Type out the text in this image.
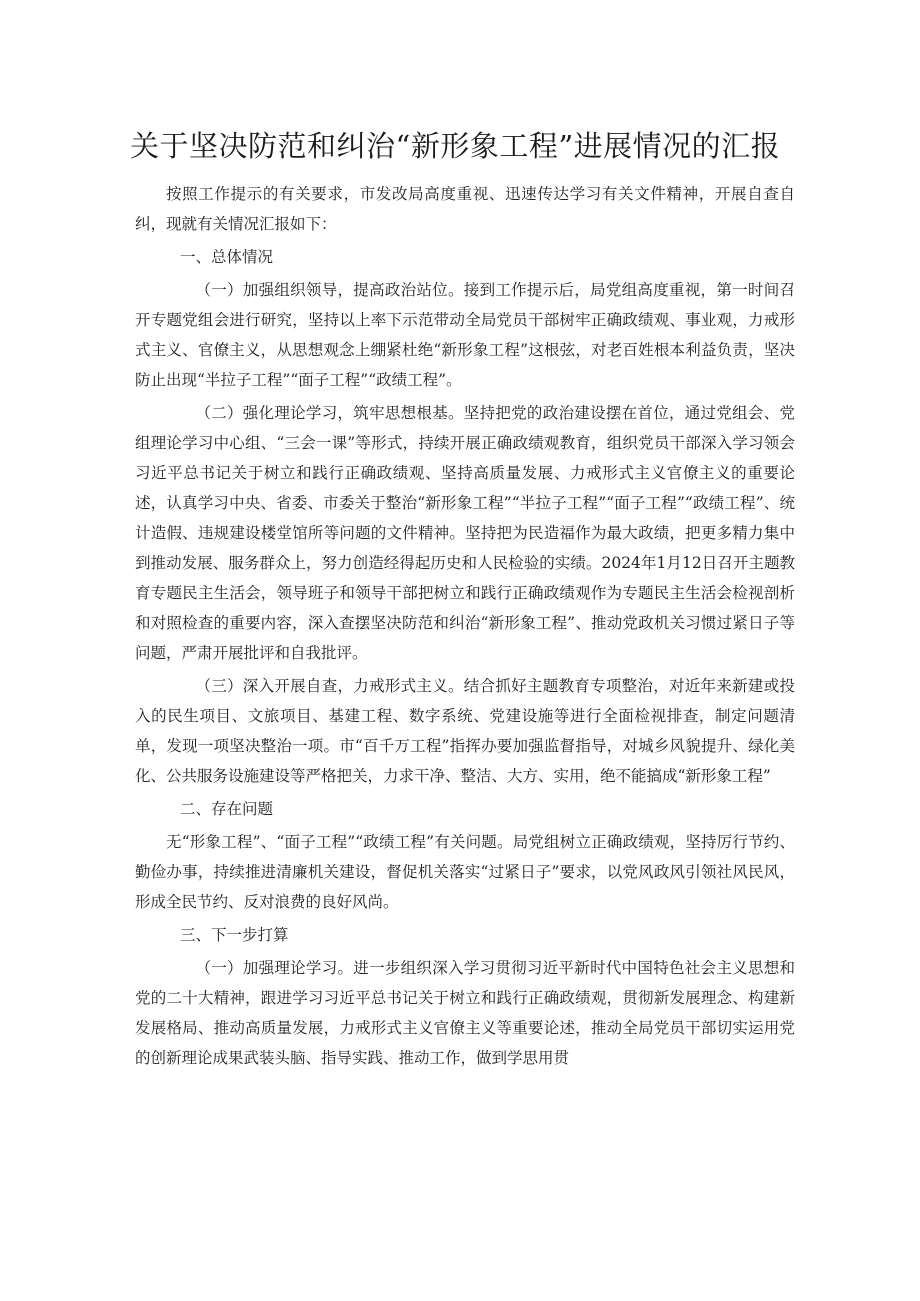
关于坚决防范和纠治“新形象工程”进展情况的汇报

按照工作提示的有关要求，市发改局高度重视、迅速传达学习有关文件精神，开展自查自纠，现就有关情况汇报如下：

一、总体情况

（一）加强组织领导，提高政治站位。接到工作提示后，局党组高度重视，第一时间召开专题党组会进行研究，坚持以上率下示范带动全局党员干部树牢正确政绩观、事业观，力戒形式主义、官僚主义，从思想观念上绷紧杜绝“新形象工程”这根弦，对老百姓根本利益负责，坚决防止出现“半拉子工程”“面子工程”“政绩工程”。

（二）强化理论学习，筑牢思想根基。坚持把党的政治建设摆在首位，通过党组会、党组理论学习中心组、“三会一课”等形式，持续开展正确政绩观教育，组织党员干部深入学习领会习近平总书记关于树立和践行正确政绩观、坚持高质量发展、力戒形式主义官僚主义的重要论述，认真学习中央、省委、市委关于整治“新形象工程”“半拉子工程”“面子工程”“政绩工程”、统计造假、违规建设楼堂馆所等问题的文件精神。坚持把为民造福作为最大政绩，把更多精力集中到推动发展、服务群众上，努力创造经得起历史和人民检验的实绩。2024年1月12日召开主题教育专题民主生活会，领导班子和领导干部把树立和践行正确政绩观作为专题民主生活会检视剖析和对照检查的重要内容，深入查摆坚决防范和纠治“新形象工程”、推动党政机关习惯过紧日子等问题，严肃开展批评和自我批评。

（三）深入开展自查，力戒形式主义。结合抓好主题教育专项整治，对近年来新建或投入的民生项目、文旅项目、基建工程、数字系统、党建设施等进行全面检视排查，制定问题清单，发现一项坚决整治一项。市“百千万工程”指挥办要加强监督指导，对城乡风貌提升、绿化美化、公共服务设施建设等严格把关，力求干净、整洁、大方、实用，绝不能搞成“新形象工程”

二、存在问题

无“形象工程”、“面子工程”“政绩工程”有关问题。局党组树立正确政绩观，坚持厉行节约、勤俭办事，持续推进清廉机关建设，督促机关落实“过紧日子”要求，以党风政风引领社风民风，形成全民节约、反对浪费的良好风尚。

三、下一步打算

（一）加强理论学习。进一步组织深入学习贯彻习近平新时代中国特色社会主义思想和党的二十大精神，跟进学习习近平总书记关于树立和践行正确政绩观，贯彻新发展理念、构建新发展格局、推动高质量发展，力戒形式主义官僚主义等重要论述，推动全局党员干部切实运用党的创新理论成果武装头脑、指导实践、推动工作，做到学思用贯
